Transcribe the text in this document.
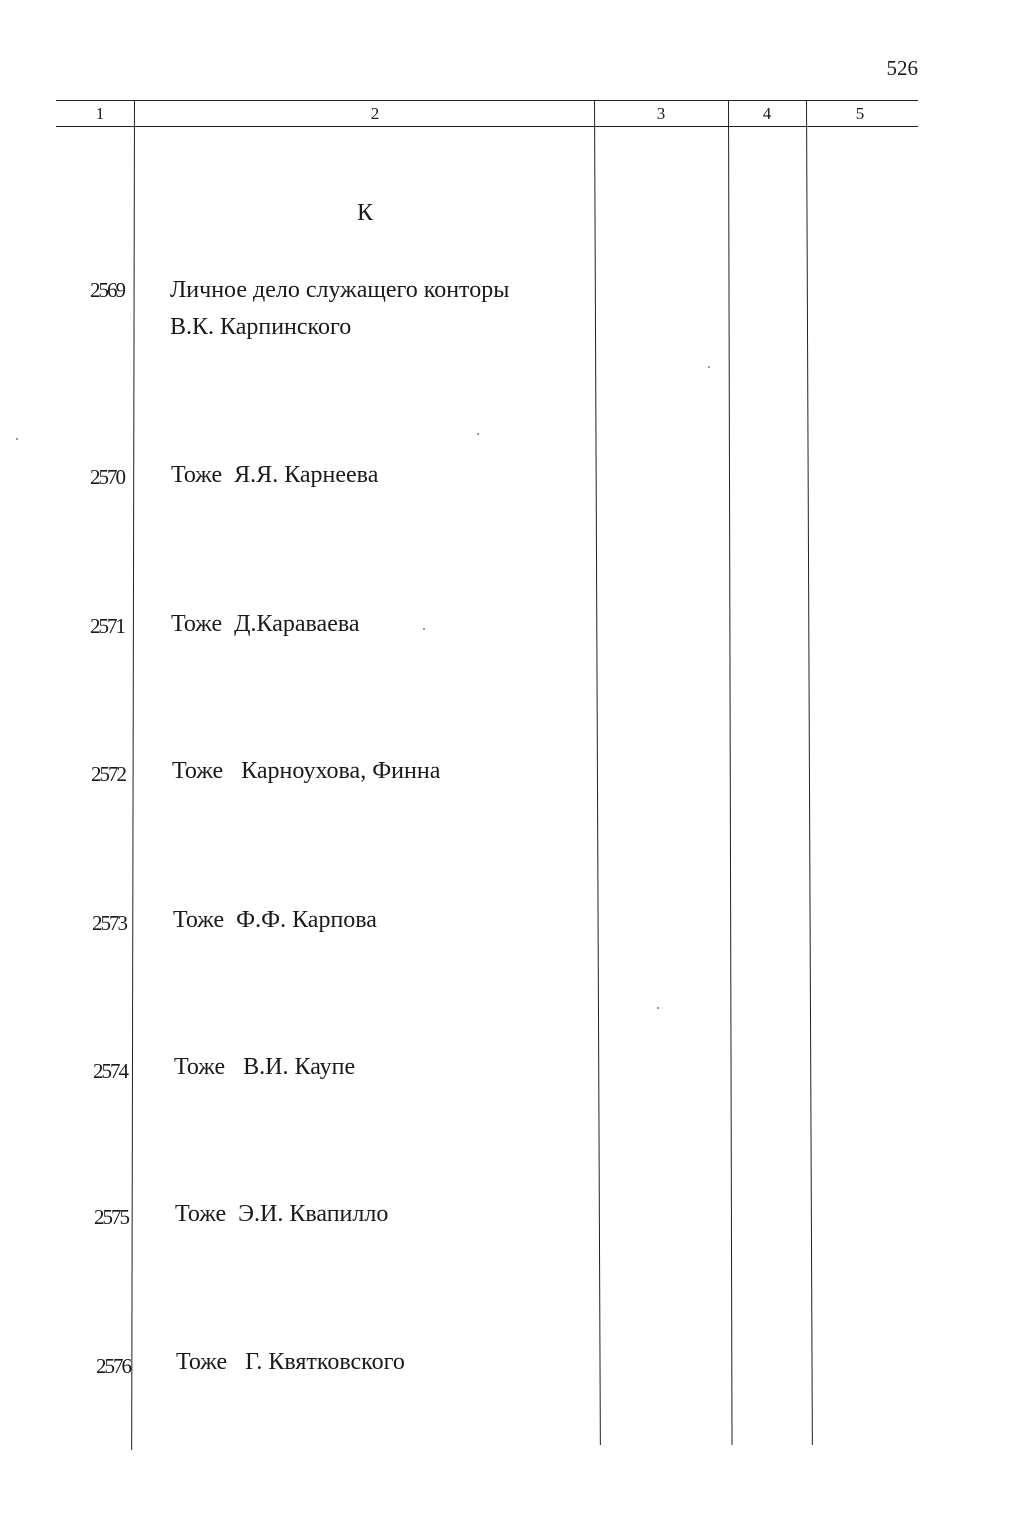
526
1	2	3	4	5
К
2569 Личное дело служащего конторы
В.К. Карпинского
2570 Тоже  Я.Я. Карнеева
2571 Тоже  Д.Караваева
2572 Тоже   Карноухова, Финна
2573 Тоже  Ф.Ф. Карпова
2574 Тоже   В.И. Каупе
2575 Тоже  Э.И. Квапилло
2576 Тоже   Г. Квятковского
